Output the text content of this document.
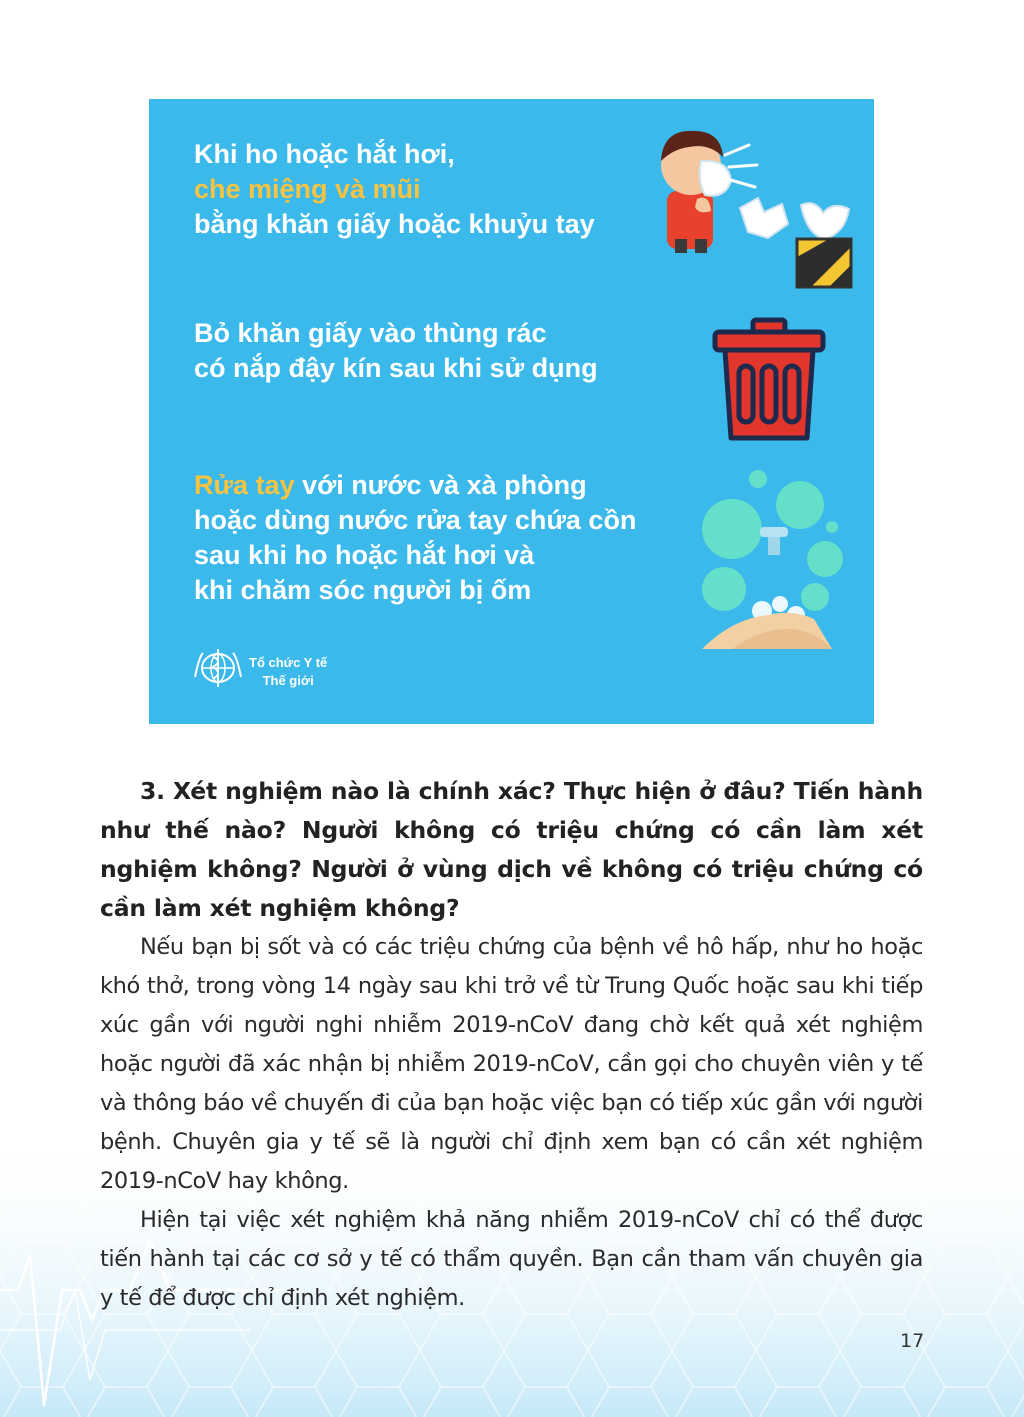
Khi ho hoặc hắt hơi,
che miệng và mũi
bằng khăn giấy hoặc khuỷu tay

Bỏ khăn giấy vào thùng rác
có nắp đậy kín sau khi sử dụng

Rửa tay với nước và xà phòng
hoặc dùng nước rửa tay chứa cồn
sau khi ho hoặc hắt hơi và
khi chăm sóc người bị ốm

Tổ chức Y tế
Thế giới

3. Xét nghiệm nào là chính xác? Thực hiện ở đâu? Tiến hành như thế nào? Người không có triệu chứng có cần làm xét nghiệm không? Người ở vùng dịch về không có triệu chứng có cần làm xét nghiệm không?

Nếu bạn bị sốt và có các triệu chứng của bệnh về hô hấp, như ho hoặc khó thở, trong vòng 14 ngày sau khi trở về từ Trung Quốc hoặc sau khi tiếp xúc gần với người nghi nhiễm 2019-nCoV đang chờ kết quả xét nghiệm hoặc người đã xác nhận bị nhiễm 2019-nCoV, cần gọi cho chuyên viên y tế và thông báo về chuyến đi của bạn hoặc việc bạn có tiếp xúc gần với người bệnh. Chuyên gia y tế sẽ là người chỉ định xem bạn có cần xét nghiệm 2019-nCoV hay không.

Hiện tại việc xét nghiệm khả năng nhiễm 2019-nCoV chỉ có thể được tiến hành tại các cơ sở y tế có thẩm quyền. Bạn cần tham vấn chuyên gia y tế để được chỉ định xét nghiệm.

17
